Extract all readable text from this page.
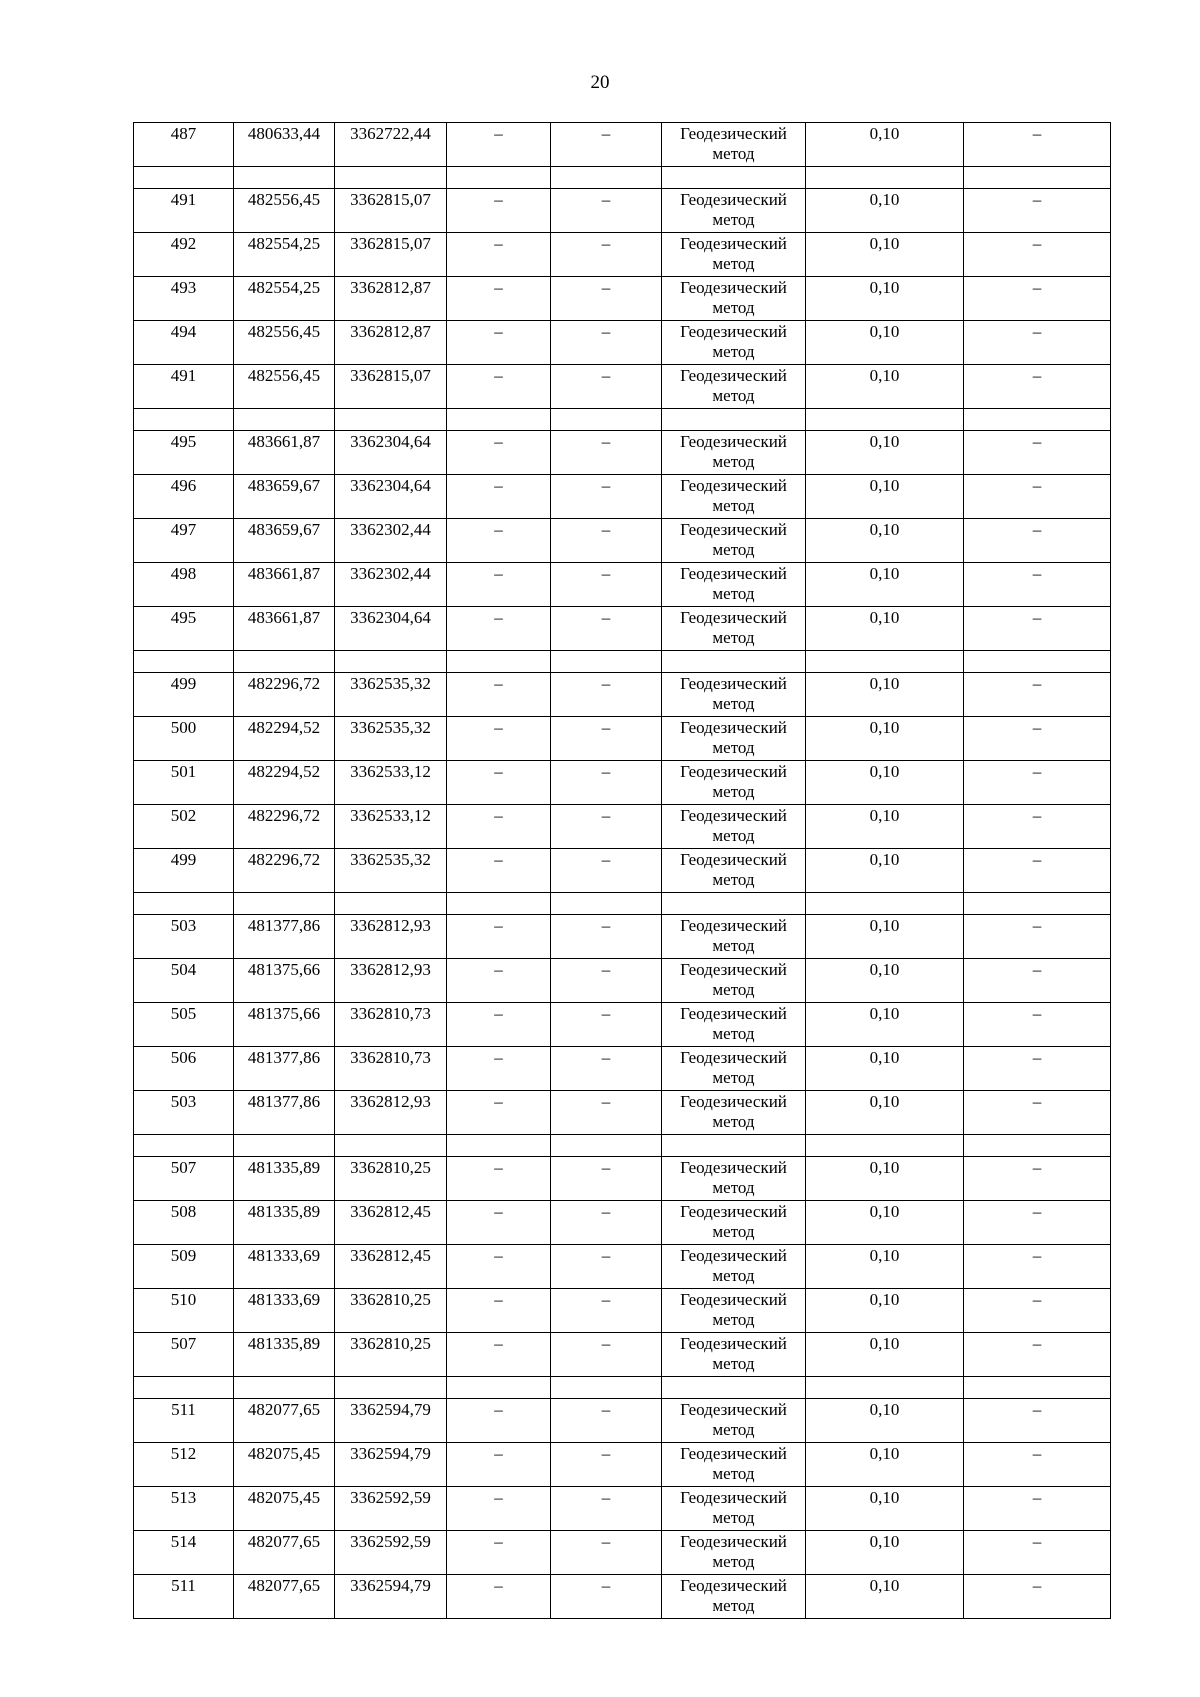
20
487	480633,44	3362722,44	–	–	Геодезический метод	0,10	–

491	482556,45	3362815,07	–	–	Геодезический метод	0,10	–
492	482554,25	3362815,07	–	–	Геодезический метод	0,10	–
493	482554,25	3362812,87	–	–	Геодезический метод	0,10	–
494	482556,45	3362812,87	–	–	Геодезический метод	0,10	–
491	482556,45	3362815,07	–	–	Геодезический метод	0,10	–

495	483661,87	3362304,64	–	–	Геодезический метод	0,10	–
496	483659,67	3362304,64	–	–	Геодезический метод	0,10	–
497	483659,67	3362302,44	–	–	Геодезический метод	0,10	–
498	483661,87	3362302,44	–	–	Геодезический метод	0,10	–
495	483661,87	3362304,64	–	–	Геодезический метод	0,10	–

499	482296,72	3362535,32	–	–	Геодезический метод	0,10	–
500	482294,52	3362535,32	–	–	Геодезический метод	0,10	–
501	482294,52	3362533,12	–	–	Геодезический метод	0,10	–
502	482296,72	3362533,12	–	–	Геодезический метод	0,10	–
499	482296,72	3362535,32	–	–	Геодезический метод	0,10	–

503	481377,86	3362812,93	–	–	Геодезический метод	0,10	–
504	481375,66	3362812,93	–	–	Геодезический метод	0,10	–
505	481375,66	3362810,73	–	–	Геодезический метод	0,10	–
506	481377,86	3362810,73	–	–	Геодезический метод	0,10	–
503	481377,86	3362812,93	–	–	Геодезический метод	0,10	–

507	481335,89	3362810,25	–	–	Геодезический метод	0,10	–
508	481335,89	3362812,45	–	–	Геодезический метод	0,10	–
509	481333,69	3362812,45	–	–	Геодезический метод	0,10	–
510	481333,69	3362810,25	–	–	Геодезический метод	0,10	–
507	481335,89	3362810,25	–	–	Геодезический метод	0,10	–

511	482077,65	3362594,79	–	–	Геодезический метод	0,10	–
512	482075,45	3362594,79	–	–	Геодезический метод	0,10	–
513	482075,45	3362592,59	–	–	Геодезический метод	0,10	–
514	482077,65	3362592,59	–	–	Геодезический метод	0,10	–
511	482077,65	3362594,79	–	–	Геодезический метод	0,10	–
